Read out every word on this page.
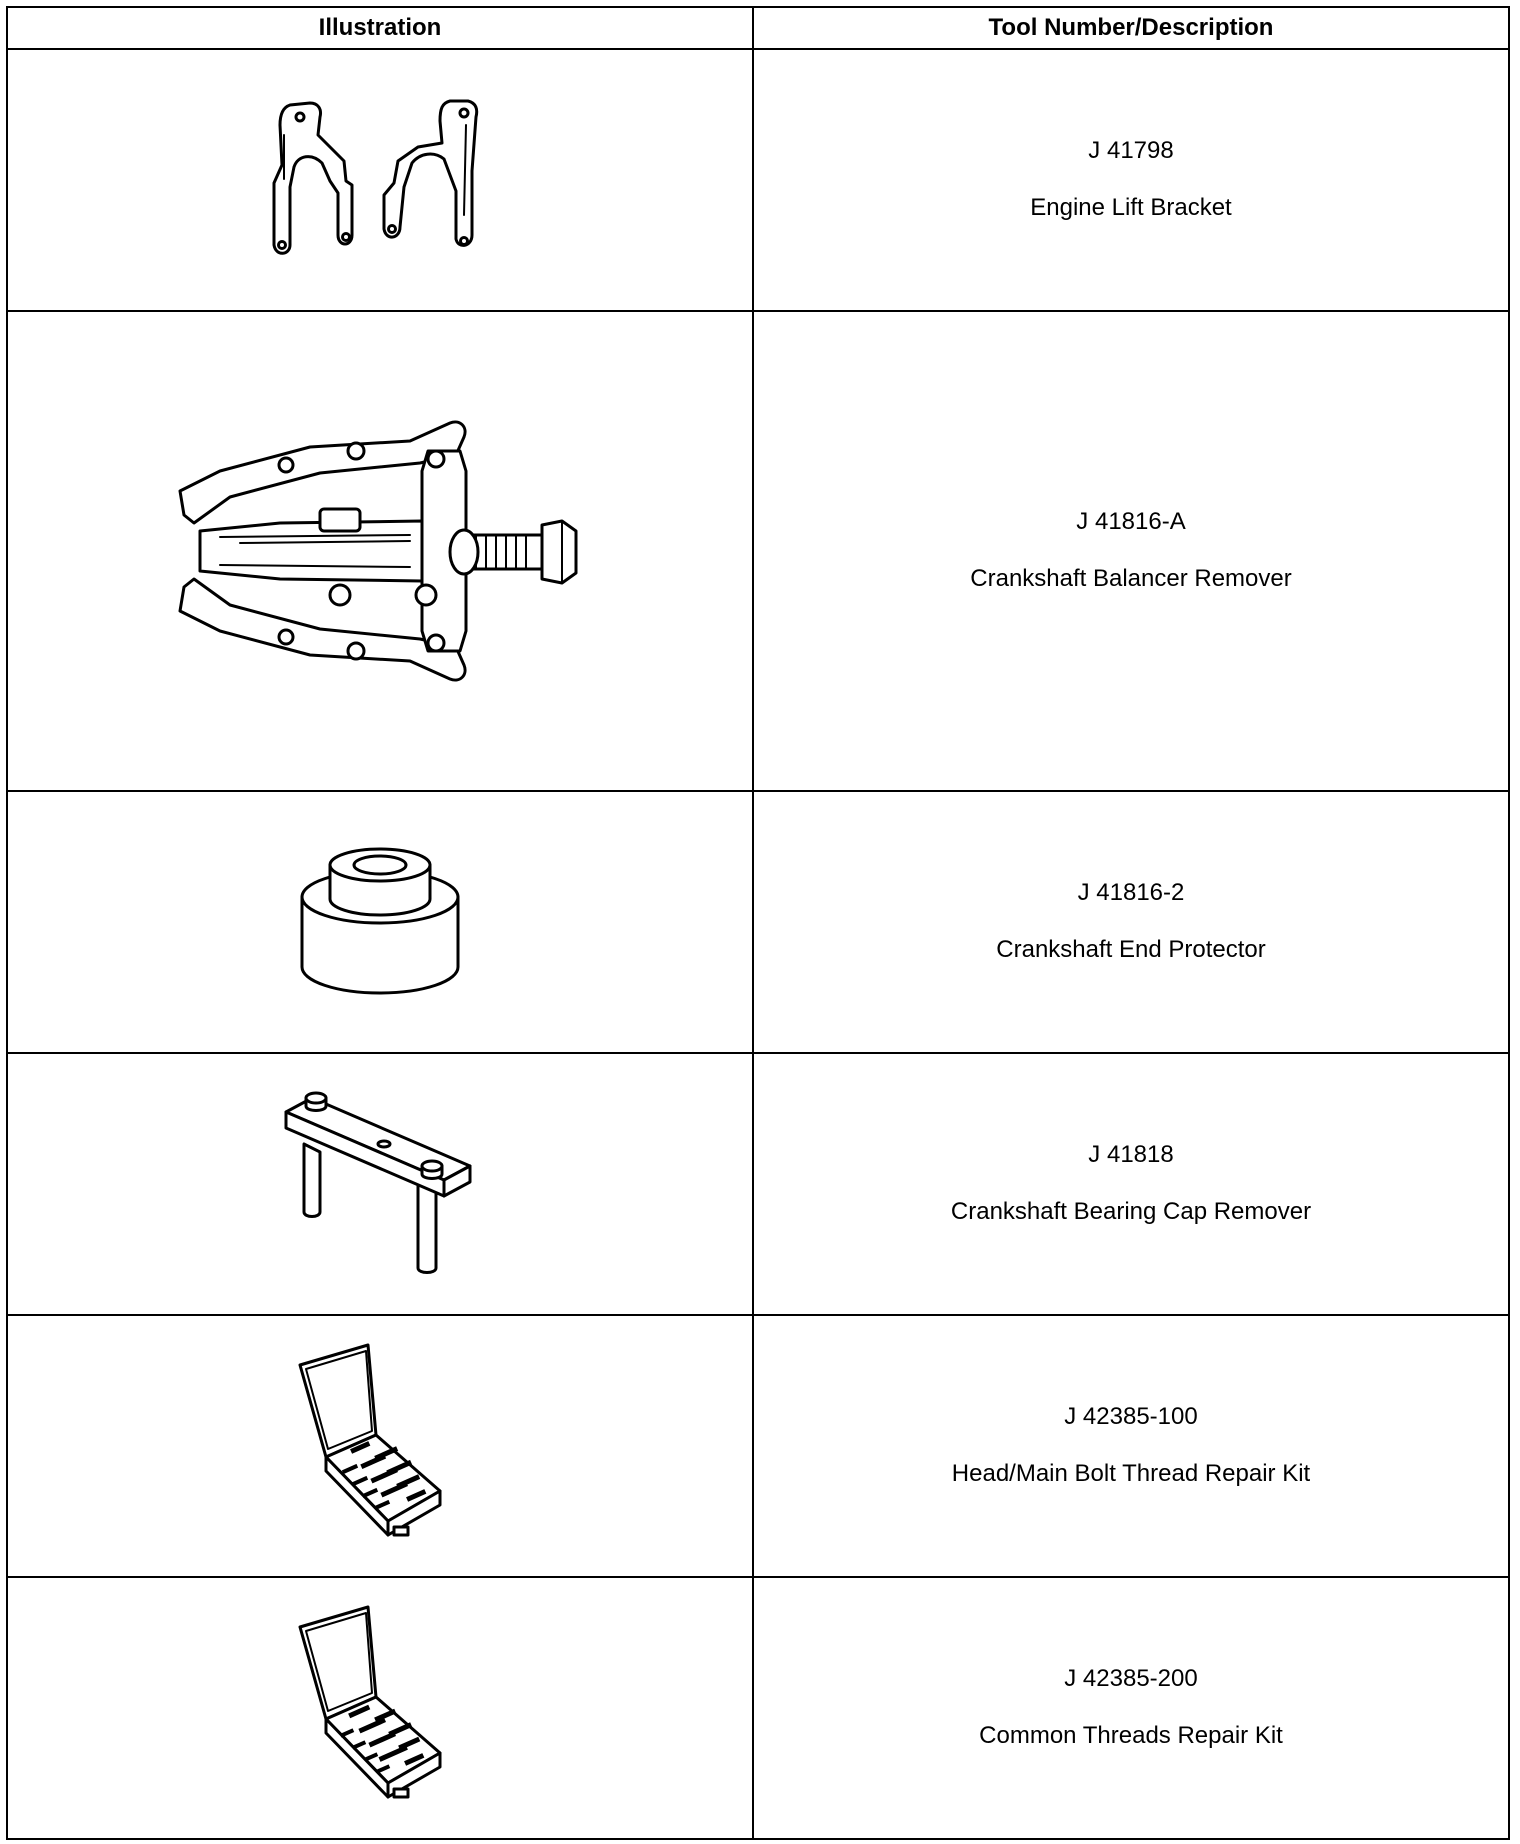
Illustration	Tool Number/Description

J 41798
Engine Lift Bracket

J 41816-A
Crankshaft Balancer Remover

J 41816-2
Crankshaft End Protector

J 41818
Crankshaft Bearing Cap Remover

J 42385-100
Head/Main Bolt Thread Repair Kit

J 42385-200
Common Threads Repair Kit
